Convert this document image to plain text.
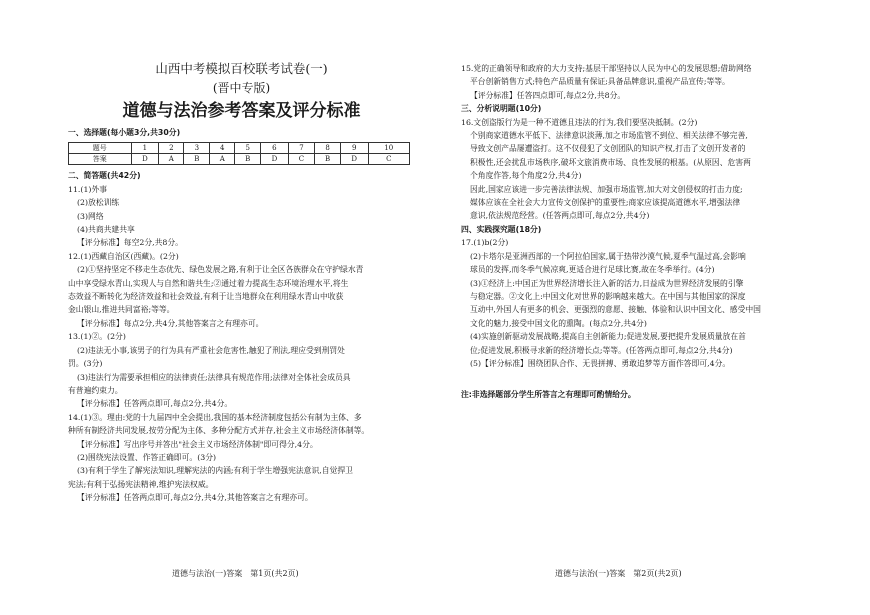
山西中考模拟百校联考试卷(一)
(晋中专版)
道德与法治参考答案及评分标准
一、选择题(每小题3分,共30分)
题号	1	2	3	4	5	6	7	8	9	10
答案	D	A	B	A	B	D	C	B	D	C
二、简答题(共42分)
11.(1)外事
(2)放松训练
(3)网络
(4)共商共建共享
【评分标准】每空2分,共8分。
12.(1)西藏自治区(西藏)。(2分)
(2)①坚持坚定不移走生态优先、绿色发展之路,有利于让全区各族群众在守护绿水青
山中享受绿水青山,实现人与自然和谐共生;②通过着力提高生态环境治理水平,将生
态效益不断转化为经济效益和社会效益,有利于让当地群众在利用绿水青山中收获
金山银山,推进共同富裕;等等。
【评分标准】每点2分,共4分,其他答案言之有理亦可。
13.(1)②。(2分)
(2)违法无小事,该男子的行为具有严重社会危害性,触犯了刑法,理应受到刑罚处
罚。(3分)
(3)违法行为需要承担相应的法律责任;法律具有规范作用;法律对全体社会成员具
有普遍约束力。
【评分标准】任答两点即可,每点2分,共4分。
14.(1)③。理由:党的十九届四中全会提出,我国的基本经济制度包括公有制为主体、多
种所有制经济共同发展,按劳分配为主体、多种分配方式并存,社会主义市场经济体制等。
【评分标准】写出序号并答出"社会主义市场经济体制"即可得分,4分。
(2)围绕宪法设置、作答正确即可。(3分)
(3)有利于学生了解宪法知识,理解宪法的内涵;有利于学生增强宪法意识,自觉捍卫
宪法;有利于弘扬宪法精神,维护宪法权威。
【评分标准】任答两点即可,每点2分,共4分,其他答案言之有理亦可。
道德与法治(一)答案　第1页(共2页)
15.党的正确领导和政府的大力支持;基层干部坚持以人民为中心的发展思想;借助网络
平台创新销售方式;特色产品质量有保证;具备品牌意识,重视产品宣传;等等。
【评分标准】任答四点即可,每点2分,共8分。
三、分析说明题(10分)
16.文创盗版行为是一种不道德且违法的行为,我们要坚决抵制。(2分)
个别商家道德水平低下、法律意识淡薄,加之市场监管不到位、相关法律不够完善,
导致文创产品屡遭盗打。这不仅侵犯了文创团队的知识产权,打击了文创开发者的
积极性,还会扰乱市场秩序,破坏文旅消费市场、良性发展的根基。(从原因、危害两
个角度作答,每个角度2分,共4分)
因此,国家应该进一步完善法律法规、加强市场监管,加大对文创侵权的打击力度;
媒体应该在全社会大力宣传文创保护的重要性;商家应该提高道德水平,增强法律
意识,依法规范经营。(任答两点即可,每点2分,共4分)
四、实践探究题(18分)
17.(1)b(2分)
(2)卡塔尔是亚洲西部的一个阿拉伯国家,属于热带沙漠气候,夏季气温过高,会影响
球员的发挥,而冬季气候凉爽,更适合进行足球比赛,故在冬季举行。(4分)
(3)①经济上:中国正为世界经济增长注入新的活力,日益成为世界经济发展的引擎
与稳定器。②文化上:中国文化对世界的影响越来越大。在中国与其他国家的深度
互动中,外国人有更多的机会、更强烈的意愿、接触、体验和认识中国文化、感受中国
文化的魅力,接受中国文化的熏陶。(每点2分,共4分)
(4)实施创新驱动发展战略,提高自主创新能力;促进发展,要把提升发展质量放在首
位;促进发展,积极寻求新的经济增长点;等等。(任答两点即可,每点2分,共4分)
(5)【评分标准】围绕团队合作、无畏拼搏、勇敢追梦等方面作答即可,4分。
注:非选择题部分学生所答言之有理即可酌情给分。
道德与法治(一)答案　第2页(共2页)
